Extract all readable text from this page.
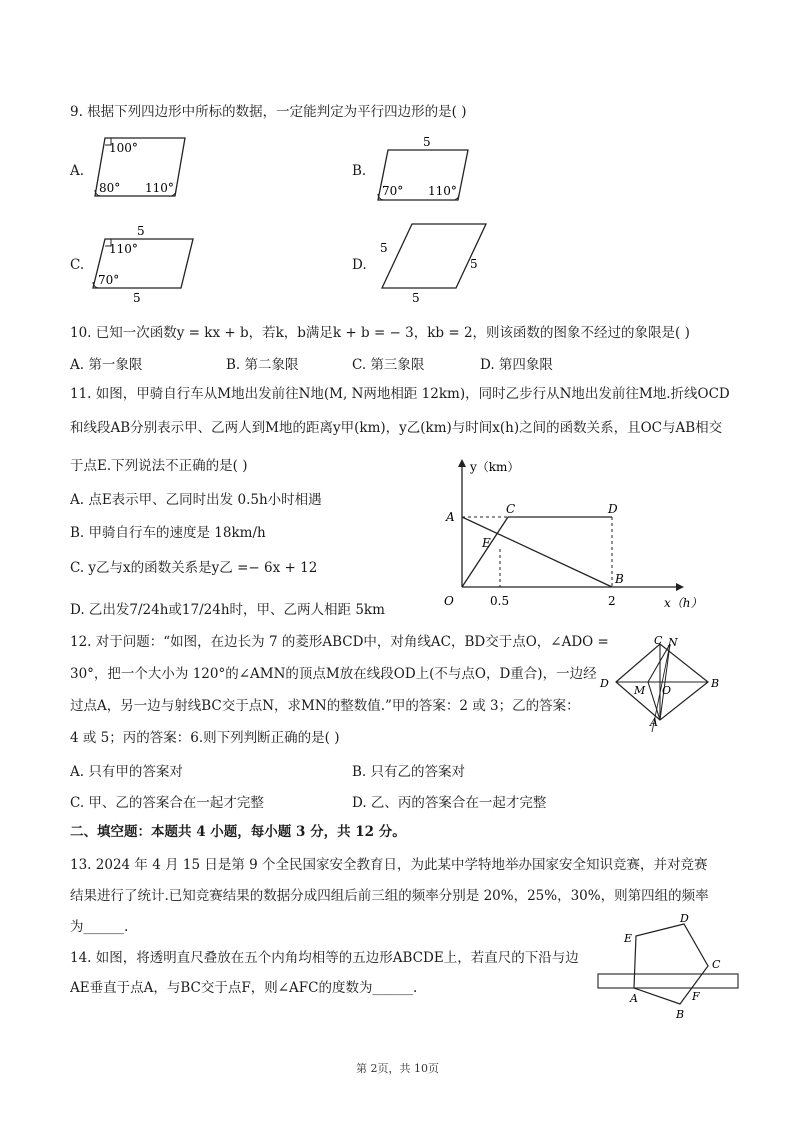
9. 根据下列四边形中所标的数据，一定能判定为平行四边形的是( )
A.
100°
80° 110°
B.
5
70° 110°
C.
5
110°
70°
5
D.
5
5
5
10. 已知一次函数y = kx + b，若k，b满足k + b = − 3，kb = 2，则该函数的图象不经过的象限是( )
A. 第一象限	B. 第二象限	C. 第三象限	D. 第四象限
11. 如图，甲骑自行车从M地出发前往N地(M, N两地相距 12km)，同时乙步行从N地出发前往M地.折线OCD
和线段AB分别表示甲、乙两人到M地的距离y甲(km)，y乙(km)与时间x(h)之间的函数关系，且OC与AB相交
于点E.下列说法不正确的是( )
A. 点E表示甲、乙同时出发 0.5h小时相遇
B. 甲骑自行车的速度是 18km/h
C. y乙与x的函数关系是y乙 =− 6x + 12
D. 乙出发7/24h或17/24h时，甲、乙两人相距 5km
y（km）
x（h）
O
A
C	D
E
B
0.5	2
12. 对于问题：“如图，在边长为 7 的菱形ABCD中，对角线AC，BD交于点O，∠ADO =
30°，把一个大小为 120°的∠AMN的顶点M放在线段OD上(不与点O，D重合)，一边经
过点A，另一边与射线BC交于点N，求MN的整数值.”甲的答案：2 或 3；乙的答案：
4 或 5；丙的答案：6.则下列判断正确的是( )
A. 只有甲的答案对	B. 只有乙的答案对
C. 甲、乙的答案合在一起才完整	D. 乙、丙的答案合在一起才完整
C N
D
M O
B
A
二、填空题：本题共 4 小题，每小题 3 分，共 12 分。
13. 2024 年 4 月 15 日是第 9 个全民国家安全教育日，为此某中学特地举办国家安全知识竞赛，并对竞赛
结果进行了统计.已知竞赛结果的数据分成四组后前三组的频率分别是 20%，25%，30%，则第四组的频率
为______.
14. 如图，将透明直尺叠放在五个内角均相等的五边形ABCDE上，若直尺的下沿与边
AE垂直于点A，与BC交于点F，则∠AFC的度数为______.
D
E
C
A	F
B
第 2页，共 10页
